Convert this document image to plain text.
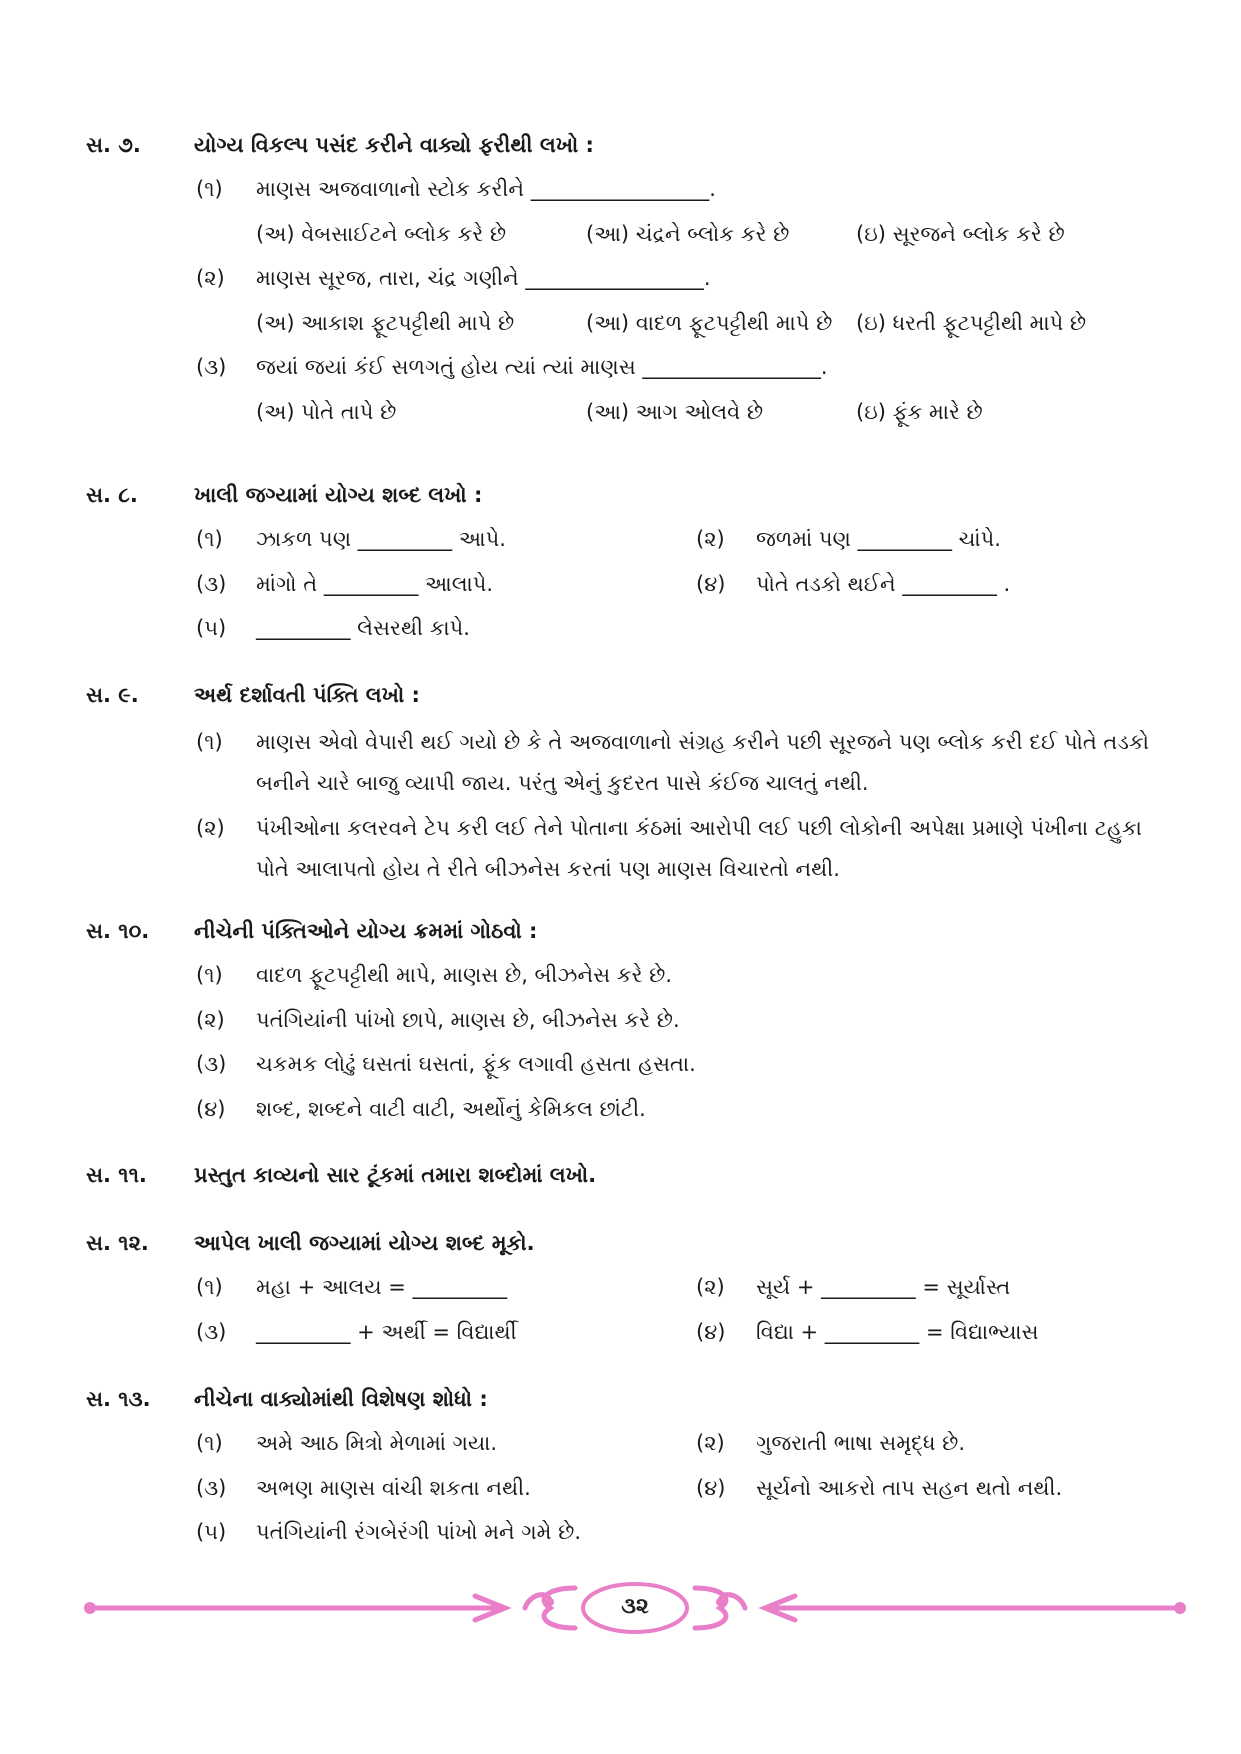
સ. ૭.	યોગ્ય વિકલ્પ પસંદ કરીને વાક્યો ફરીથી લખો :
(૧) માણસ અજવાળાનો સ્ટોક કરીને _________________.
(અ) વેબસાઈટને બ્લોક કરે છે	(આ) ચંદ્રને બ્લોક કરે છે	(ઇ) સૂરજને બ્લોક કરે છે
(૨) માણસ સૂરજ, તારા, ચંદ્ર ગણીને _________________.
(અ) આકાશ ફૂટપટ્ટીથી માપે છે	(આ) વાદળ ફૂટપટ્ટીથી માપે છે (ઇ) ધરતી ફૂટપટ્ટીથી માપે છે
(૩) જયાં જયાં કંઈ સળગતું હોય ત્યાં ત્યાં માણસ _________________.
(અ) પોતે તાપે છે	(આ) આગ ઓલવે છે	(ઇ) ફૂંક મારે છે
સ. ૮.	ખાલી જગ્યામાં યોગ્ય શબ્દ લખો :
(૧) ઝાકળ પણ _________ આપે.	(૨) જળમાં પણ _________ ચાંપે.
(૩) માંગો તે _________ આલાપે.	(૪) પોતે તડકો થઈને _________ .
(૫) _________ લેસરથી કાપે.
સ. ૯.	અર્થ દર્શાવતી પંક્તિ લખો :
(૧) માણસ એવો વેપારી થઈ ગયો છે કે તે અજવાળાનો સંગ્રહ કરીને પછી સૂરજને પણ બ્લોક કરી દઈ પોતે તડકો બનીને ચારે બાજુ વ્યાપી જાય. પરંતુ એનું કુદરત પાસે કંઈજ ચાલતું નથી.
(૨) પંખીઓના કલરવને ટેપ કરી લઈ તેને પોતાના કંઠમાં આરોપી લઈ પછી લોકોની અપેક્ષા પ્રમાણે પંખીના ટહુકા પોતે આલાપતો હોય તે રીતે બીઝનેસ કરતાં પણ માણસ વિચારતો નથી.
સ. ૧૦. નીચેની પંક્તિઓને યોગ્ય ક્રમમાં ગોઠવો :
(૧) વાદળ ફૂટપટ્ટીથી માપે, માણસ છે, બીઝનેસ કરે છે.
(૨) પતંગિયાંની પાંખો છાપે, માણસ છે, બીઝનેસ કરે છે.
(૩) ચકમક લોઢું ઘસતાં ઘસતાં, ફૂંક લગાવી હસતા હસતા.
(૪) શબ્દ, શબ્દને વાટી વાટી, અર્થોનું કેમિકલ છાંટી.
સ. ૧૧. પ્રસ્તુત કાવ્યનો સાર ટૂંકમાં તમારા શબ્દોમાં લખો.
સ. ૧૨. આપેલ ખાલી જગ્યામાં યોગ્ય શબ્દ મૂકો.
(૧) મહા + આલય = _________	(૨) સૂર્ય + _________ = સૂર્યાસ્ત
(૩) _________ + અર્થી = વિદ્યાર્થી	(૪) વિદ્યા + _________ = વિદ્યાભ્યાસ
સ. ૧૩. નીચેના વાક્યોમાંથી વિશેષણ શોધો :
(૧) અમે આઠ મિત્રો મેળામાં ગયા.	(૨) ગુજરાતી ભાષા સમૃદ્ધ છે.
(૩) અભણ માણસ વાંચી શકતા નથી.	(૪) સૂર્યનો આકરો તાપ સહન થતો નથી.
(૫) પતંગિયાંની રંગબેરંગી પાંખો મને ગમે છે.
૩૨
